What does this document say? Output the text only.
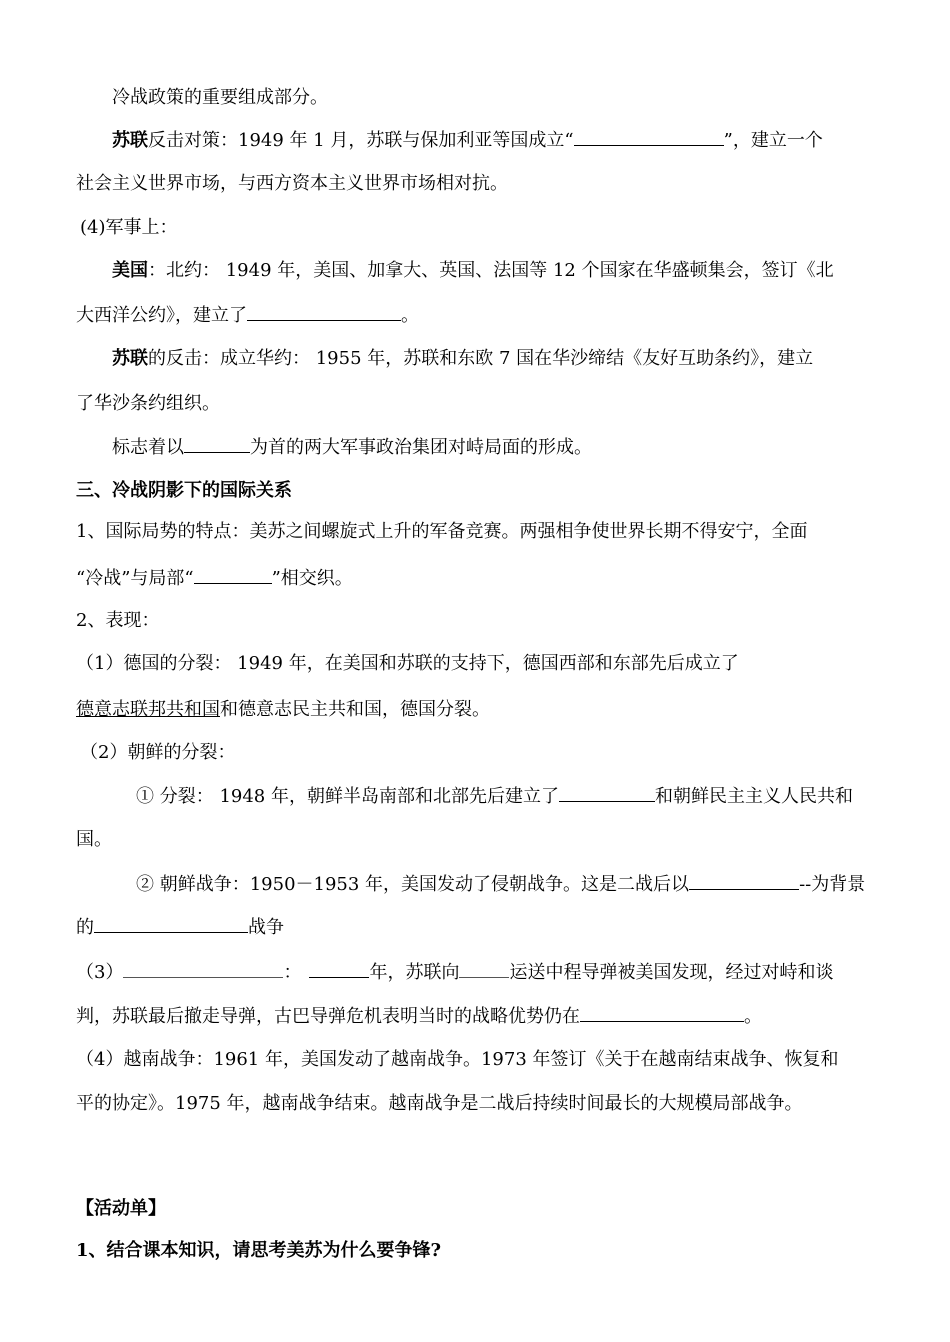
冷战政策的重要组成部分。
苏联反击对策：1949 年 1 月，苏联与保加利亚等国成立“	”，建立一个
社会主义世界市场，与西方资本主义世界市场相对抗。
(4)军事上：
美国：北约： 1949 年，美国、加拿大、英国、法国等 12 个国家在华盛顿集会，签订《北
大西洋公约》，建立了	。
苏联的反击：成立华约： 1955 年，苏联和东欧 7 国在华沙缔结《友好互助条约》，建立
了华沙条约组织。
标志着以	为首的两大军事政治集团对峙局面的形成。
三、冷战阴影下的国际关系
1、国际局势的特点：美苏之间螺旋式上升的军备竞赛。两强相争使世界长期不得安宁，全面
“冷战”与局部“	”相交织。
2、表现：
（1）德国的分裂： 1949 年，在美国和苏联的支持下，德国西部和东部先后成立了
德意志联邦共和国和德意志民主共和国，德国分裂。
（2）朝鲜的分裂：
① 分裂： 1948 年，朝鲜半岛南部和北部先后建立了	和朝鲜民主主义人民共和
国。
② 朝鲜战争：1950－1953 年，美国发动了侵朝战争。这是二战后以	--为背景
的	战争
（3）	：	年，苏联向	运送中程导弹被美国发现，经过对峙和谈
判，苏联最后撤走导弹，古巴导弹危机表明当时的战略优势仍在	。
（4）越南战争：1961 年，美国发动了越南战争。1973 年签订《关于在越南结束战争、恢复和
平的协定》。1975 年，越南战争结束。越南战争是二战后持续时间最长的大规模局部战争。
【活动单】
1、结合课本知识，请思考美苏为什么要争锋?
